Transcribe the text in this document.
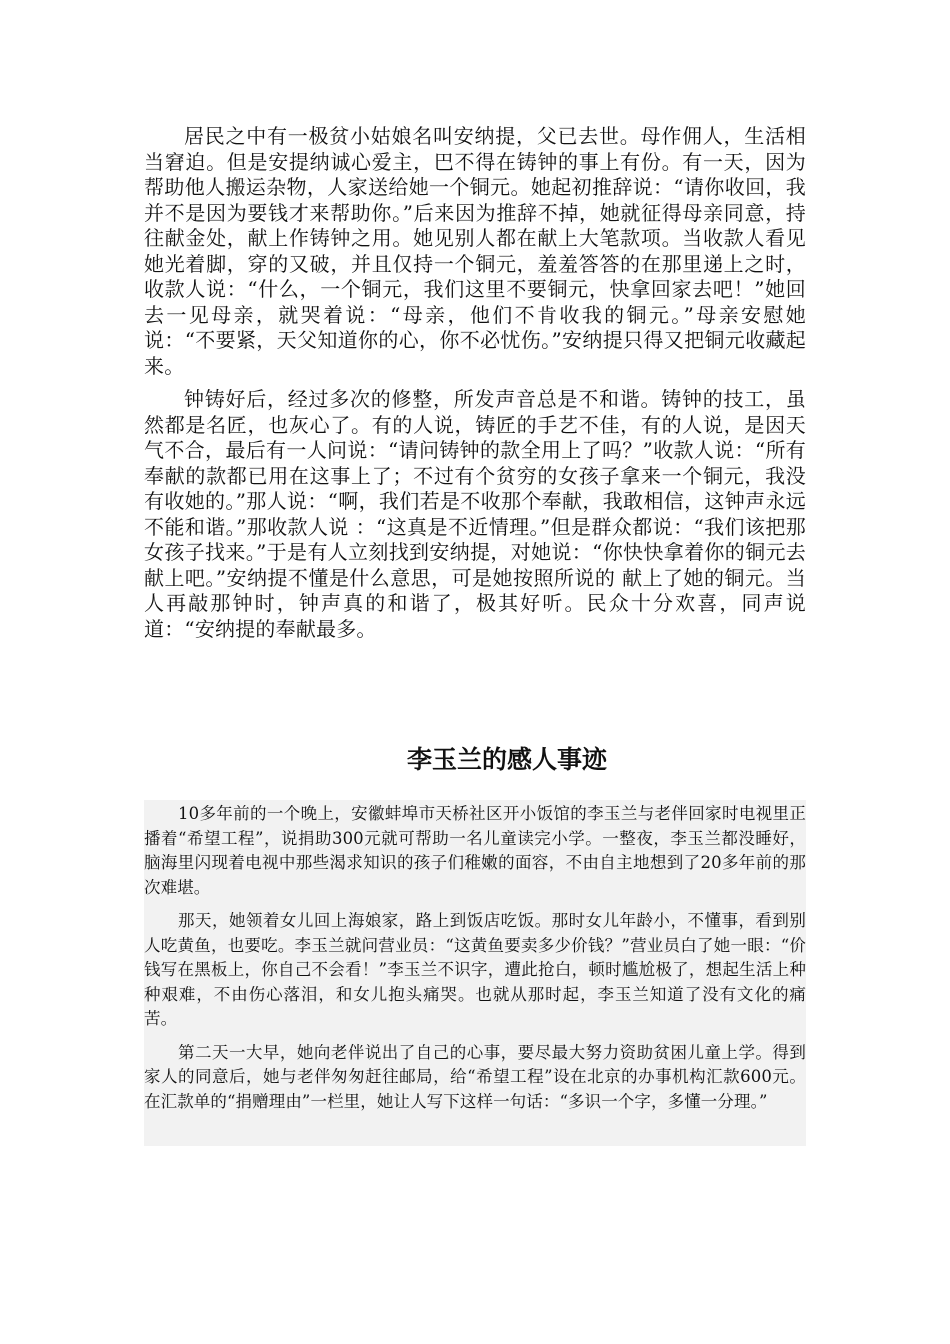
居民之中有一极贫小姑娘名叫安纳提，父已去世。母作佣人，生活相当窘迫。但是安提纳诚心爱主，巴不得在铸钟的事上有份。有一天，因为帮助他人搬运杂物，人家送给她一个铜元。她起初推辞说：“请你收回，我并不是因为要钱才来帮助你。”后来因为推辞不掉，她就征得母亲同意，持往献金处，献上作铸钟之用。她见别人都在献上大笔款项。当收款人看见她光着脚，穿的又破，并且仅持一个铜元，羞羞答答的在那里递上之时，收款人说：“什么，一个铜元，我们这里不要铜元，快拿回家去吧！”她回去一见母亲，就哭着说：“母亲，他们不肯收我的铜元。”母亲安慰她说：“不要紧，天父知道你的心，你不必忧伤。”安纳提只得又把铜元收藏起来。

钟铸好后，经过多次的修整，所发声音总是不和谐。铸钟的技工，虽然都是名匠，也灰心了。有的人说，铸匠的手艺不佳，有的人说，是因天气不合，最后有一人问说：“请问铸钟的款全用上了吗？”收款人说：“所有奉献的款都已用在这事上了；不过有个贫穷的女孩子拿来一个铜元，我没有收她的。”那人说：“啊，我们若是不收那个奉献，我敢相信，这钟声永远不能和谐。”那收款人说 ：“这真是不近情理。”但是群众都说：“我们该把那女孩子找来。”于是有人立刻找到安纳提，对她说：“你快快拿着你的铜元去献上吧。”安纳提不懂是什么意思，可是她按照所说的 献上了她的铜元。当人再敲那钟时，钟声真的和谐了，极其好听。民众十分欢喜，同声说道：“安纳提的奉献最多。

李玉兰的感人事迹

10多年前的一个晚上，安徽蚌埠市天桥社区开小饭馆的李玉兰与老伴回家时电视里正播着“希望工程”，说捐助300元就可帮助一名儿童读完小学。一整夜，李玉兰都没睡好，脑海里闪现着电视中那些渴求知识的孩子们稚嫩的面容，不由自主地想到了20多年前的那次难堪。

那天，她领着女儿回上海娘家，路上到饭店吃饭。那时女儿年龄小，不懂事，看到别人吃黄鱼，也要吃。李玉兰就问营业员：“这黄鱼要卖多少价钱？”营业员白了她一眼：“价钱写在黑板上，你自己不会看！”李玉兰不识字，遭此抢白，顿时尴尬极了，想起生活上种种艰难，不由伤心落泪，和女儿抱头痛哭。也就从那时起，李玉兰知道了没有文化的痛苦。

第二天一大早，她向老伴说出了自己的心事，要尽最大努力资助贫困儿童上学。得到家人的同意后，她与老伴匆匆赶往邮局，给“希望工程”设在北京的办事机构汇款600元。在汇款单的“捐赠理由”一栏里，她让人写下这样一句话：“多识一个字，多懂一分理。”
